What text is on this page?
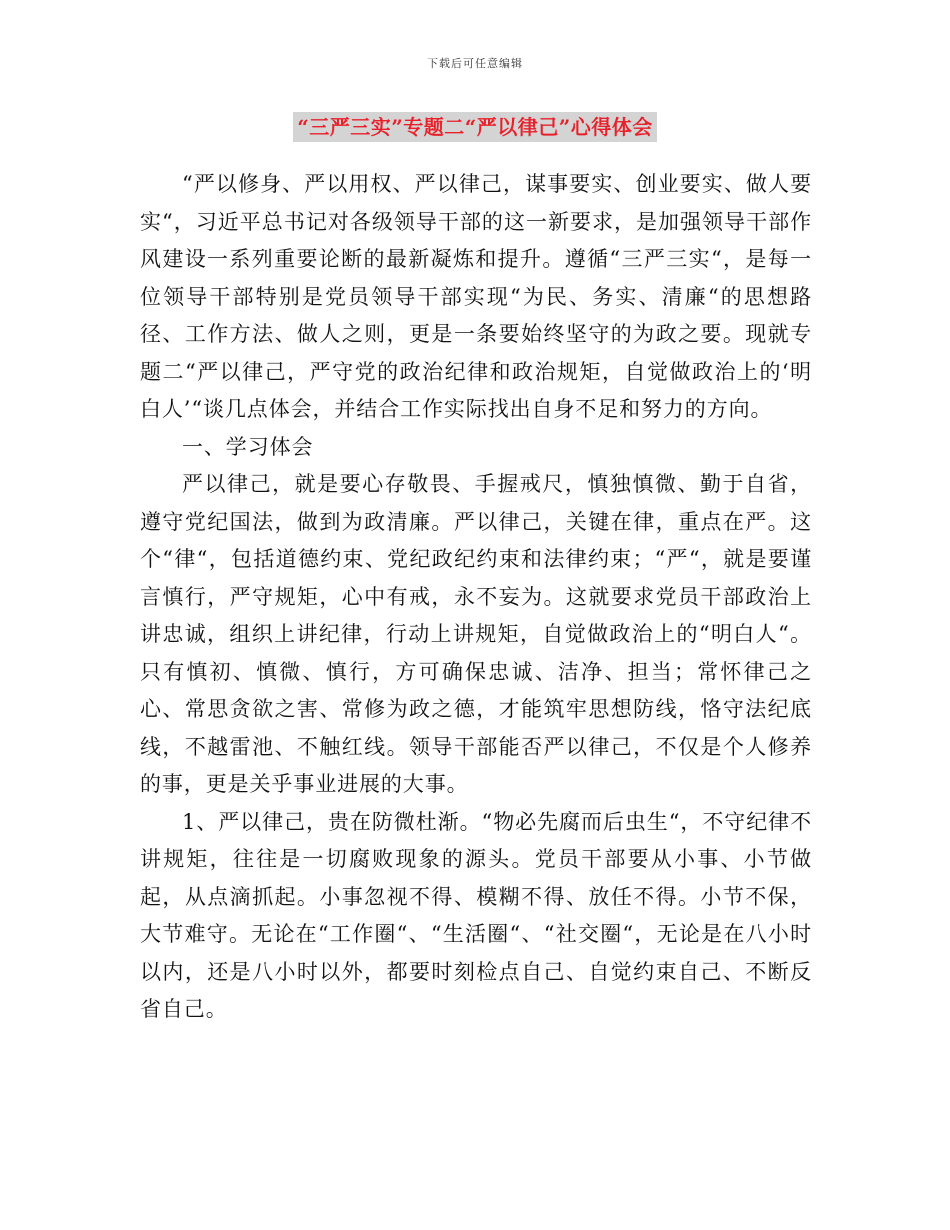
下载后可任意编辑
“三严三实”专题二“严以律己”心得体会

“严以修身、严以用权、严以律己，谋事要实、创业要实、做人要实“，习近平总书记对各级领导干部的这一新要求，是加强领导干部作风建设一系列重要论断的最新凝炼和提升。遵循“三严三实“，是每一位领导干部特别是党员领导干部实现“为民、务实、清廉“的思想路径、工作方法、做人之则，更是一条要始终坚守的为政之要。现就专题二“严以律己，严守党的政治纪律和政治规矩，自觉做政治上的‘明白人’“谈几点体会，并结合工作实际找出自身不足和努力的方向。

一、学习体会

严以律己，就是要心存敬畏、手握戒尺，慎独慎微、勤于自省，遵守党纪国法，做到为政清廉。严以律己，关键在律，重点在严。这个“律“，包括道德约束、党纪政纪约束和法律约束；“严“，就是要谨言慎行，严守规矩，心中有戒，永不妄为。这就要求党员干部政治上讲忠诚，组织上讲纪律，行动上讲规矩，自觉做政治上的“明白人“。只有慎初、慎微、慎行，方可确保忠诚、洁净、担当；常怀律己之心、常思贪欲之害、常修为政之德，才能筑牢思想防线，恪守法纪底线，不越雷池、不触红线。领导干部能否严以律己，不仅是个人修养的事，更是关乎事业进展的大事。

1、严以律己，贵在防微杜渐。“物必先腐而后虫生“，不守纪律不讲规矩，往往是一切腐败现象的源头。党员干部要从小事、小节做起，从点滴抓起。小事忽视不得、模糊不得、放任不得。小节不保，大节难守。无论在“工作圈“、“生活圈“、“社交圈“，无论是在八小时以内，还是八小时以外，都要时刻检点自己、自觉约束自己、不断反省自己。
